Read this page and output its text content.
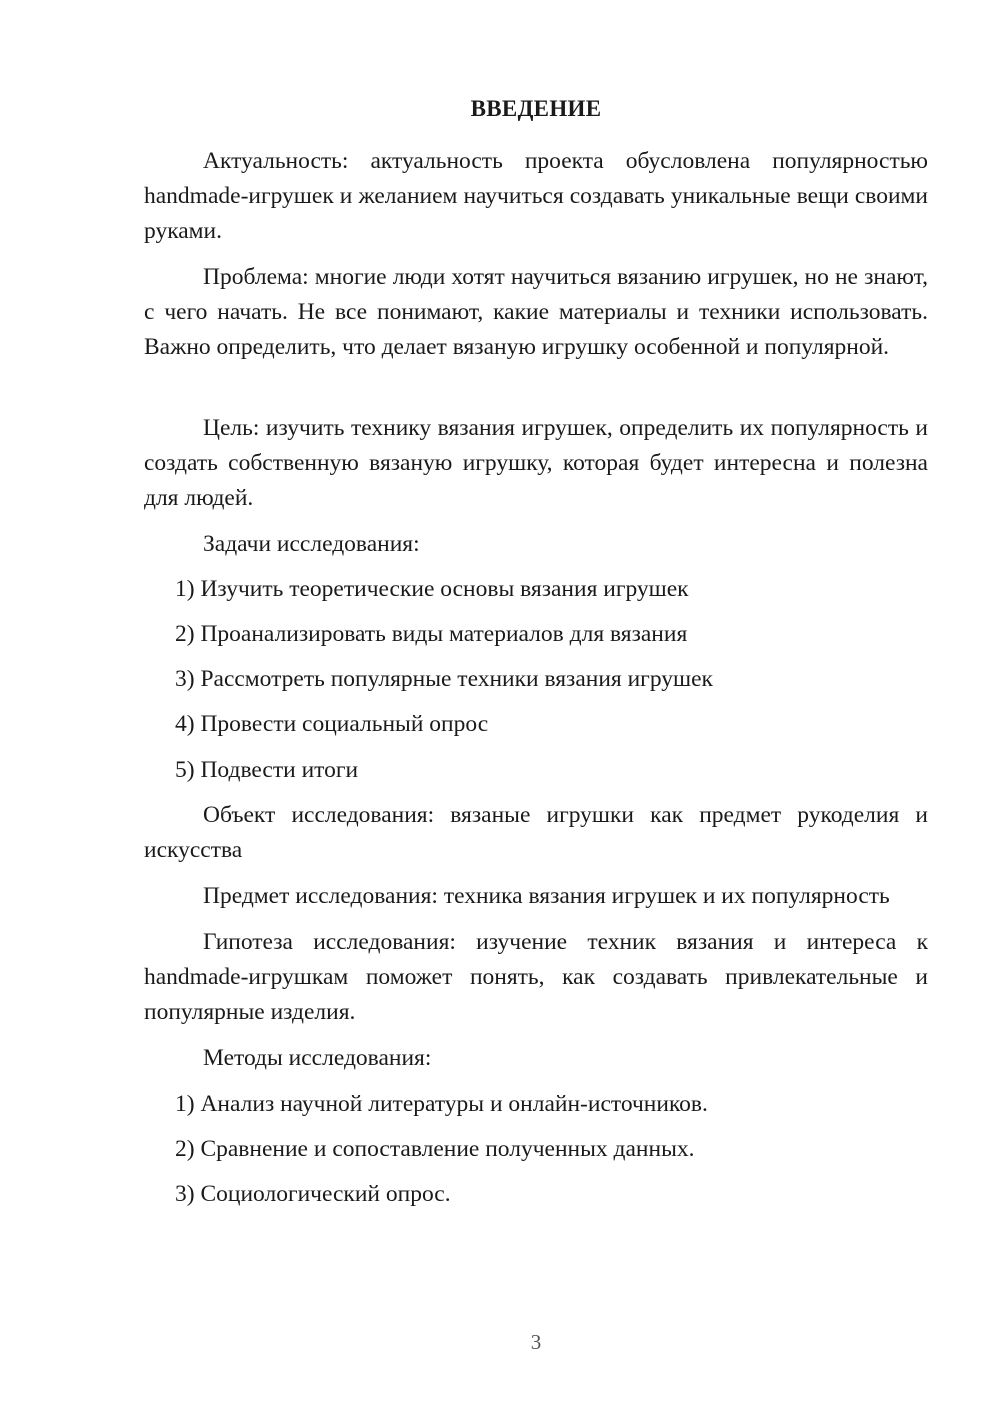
ВВЕДЕНИЕ

Актуальность: актуальность проекта обусловлена популярностью handmade-игрушек и желанием научиться создавать уникальные вещи своими руками.

Проблема: многие люди хотят научиться вязанию игрушек, но не знают, с чего начать. Не все понимают, какие материалы и техники использовать. Важно определить, что делает вязаную игрушку особенной и популярной.

Цель: изучить технику вязания игрушек, определить их популярность и создать собственную вязаную игрушку, которая будет интересна и полезна для людей.

Задачи исследования:

1) Изучить теоретические основы вязания игрушек

2) Проанализировать виды материалов для вязания

3) Рассмотреть популярные техники вязания игрушек

4) Провести социальный опрос

5) Подвести итоги

Объект исследования: вязаные игрушки как предмет рукоделия и искусства

Предмет исследования: техника вязания игрушек и их популярность

Гипотеза исследования: изучение техник вязания и интереса к handmade-игрушкам поможет понять, как создавать привлекательные и популярные изделия.

Методы исследования:

1) Анализ научной литературы и онлайн-источников.

2) Сравнение и сопоставление полученных данных.

3) Социологический опрос.

3
